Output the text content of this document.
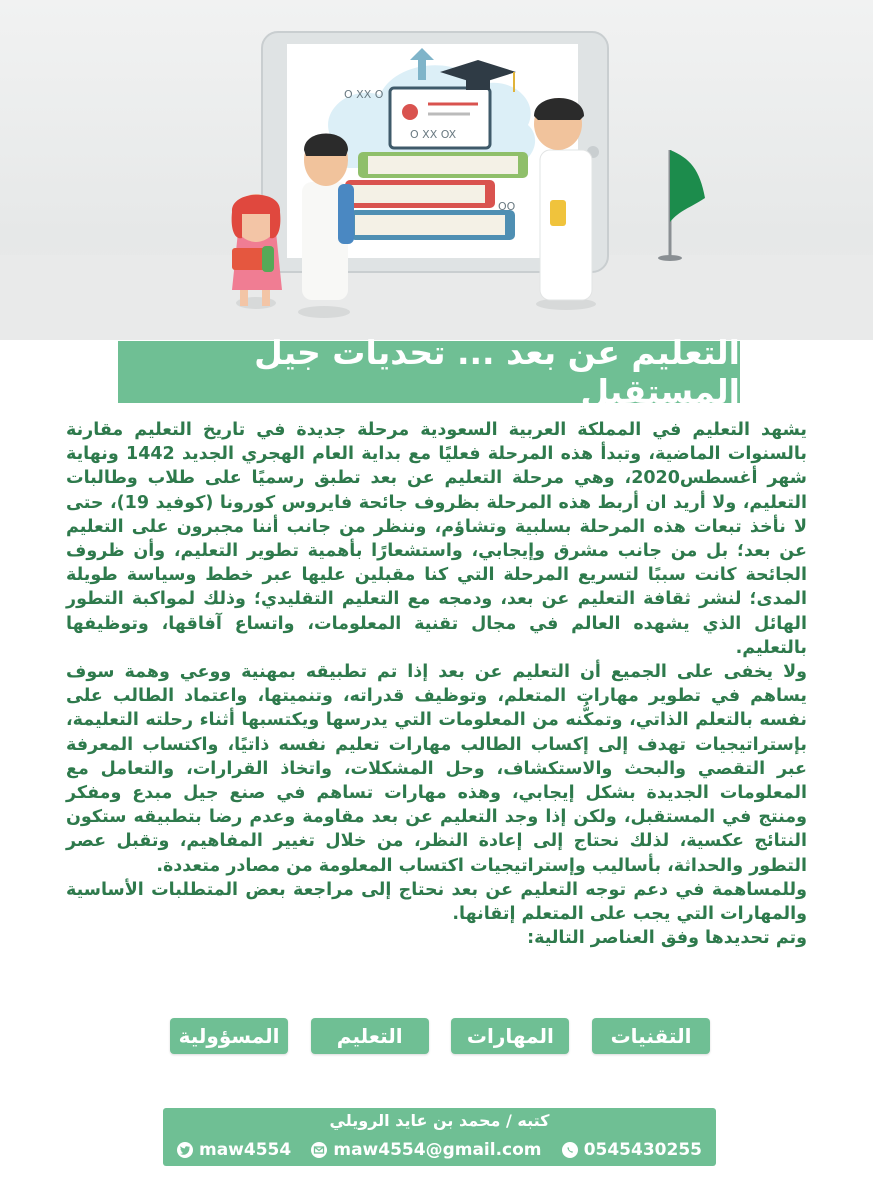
O XX O
O XX OX
OO
التعليم عن بعد ... تحديات جيل المستقبل

يشهد التعليم في المملكة العربية السعودية مرحلة جديدة في تاريخ التعليم مقارنة بالسنوات الماضية، وتبدأ هذه المرحلة فعليًا مع بداية العام الهجري الجديد 1442 ونهاية شهر أغسطس2020، وهي مرحلة التعليم عن بعد تطبق رسميًا على طلاب وطالبات التعليم، ولا أريد ان أربط هذه المرحلة بظروف جائحة فايروس كورونا (كوفيد 19)، حتى لا نأخذ تبعات هذه المرحلة بسلبية وتشاؤم، وننظر من جانب أننا مجبرون على التعليم عن بعد؛ بل من جانب مشرق وإيجابي، واستشعارًا بأهمية تطوير التعليم، وأن ظروف الجائحة كانت سببًا لتسريع المرحلة التي كنا مقبلين عليها عبر خطط وسياسة طويلة المدى؛ لنشر ثقافة التعليم عن بعد، ودمجه مع التعليم التقليدي؛ وذلك لمواكبة التطور الهائل الذي يشهده العالم في مجال تقنية المعلومات، واتساع آفاقها، وتوظيفها بالتعليم.

ولا يخفى على الجميع أن التعليم عن بعد إذا تم تطبيقه بمهنية ووعي وهمة سوف يساهم في تطوير مهارات المتعلم، وتوظيف قدراته، وتنميتها، واعتماد الطالب على نفسه بالتعلم الذاتي، وتمكُّنه من المعلومات التي يدرسها ويكتسبها أثناء رحلته التعليمة، بإستراتيجيات تهدف إلى إكساب الطالب مهارات تعليم نفسه ذاتيًا، واكتساب المعرفة عبر التقصي والبحث والاستكشاف، وحل المشكلات، واتخاذ القرارات، والتعامل مع المعلومات الجديدة بشكل إيجابي، وهذه مهارات تساهم في صنع جيل مبدع ومفكر ومنتج في المستقبل، ولكن إذا وجد التعليم عن بعد مقاومة وعدم رضا بتطبيقه ستكون النتائج عكسية، لذلك نحتاج إلى إعادة النظر، من خلال تغيير المفاهيم، وتقبل عصر التطور والحداثة، بأساليب وإستراتيجيات اكتساب المعلومة من مصادر متعددة.

وللمساهمة في دعم توجه التعليم عن بعد نحتاج إلى مراجعة بعض المتطلبات الأساسية والمهارات التي يجب على المتعلم إتقانها.

وتم تحديدها وفق العناصر التالية:

التقنيات
المهارات
التعليم
المسؤولية
كتبه / محمد بن عايد الرويلي
maw4554 maw4554@gmail.com 0545430255
